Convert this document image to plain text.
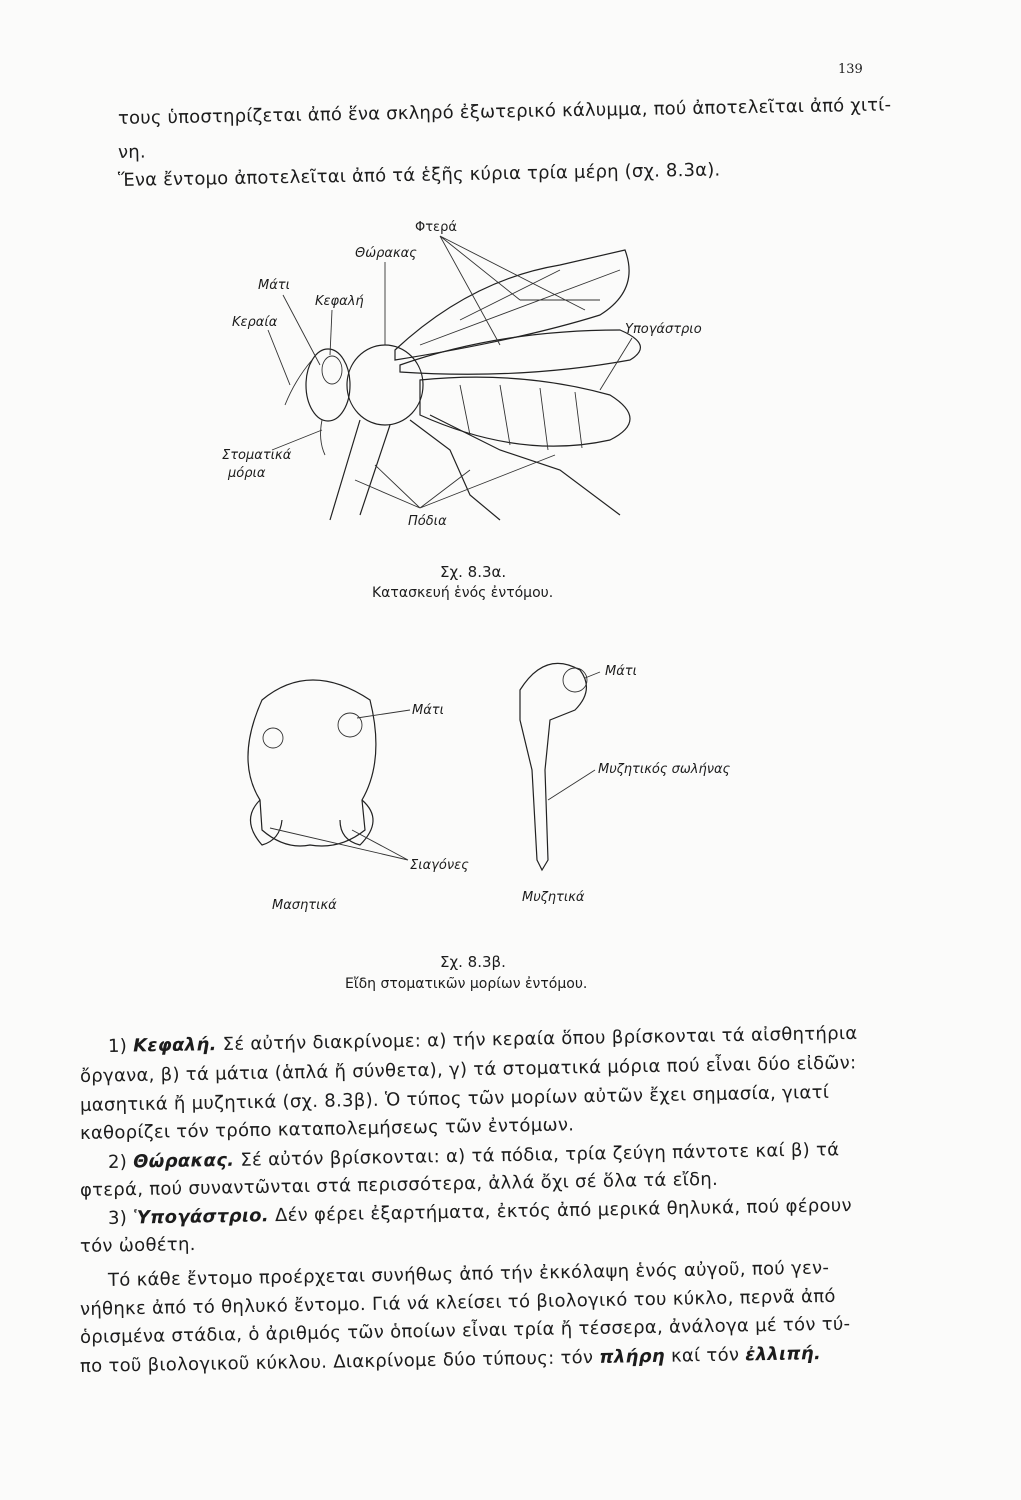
139
τους ὑποστηρίζεται ἀπό ἕνα σκληρό ἐξωτερικό κάλυμμα, πού ἀποτελεῖται ἀπό χιτί-
νη.
Ἕνα ἔντομο ἀποτελεῖται ἀπό τά ἑξῆς κύρια τρία μέρη (σχ. 8.3α).
Φτερά
Θώρακας
Μάτι
Κεφαλή
Κεραία	Υπογάστριο
Στοματικά
μόρια
Πόδια
Σχ. 8.3α.
Κατασκευή ἑνός ἐντόμου.
Μάτι
Μάτι
Μυζητικός σωλήνας
Σιαγόνες
Μασητικά
Μυζητικά
Σχ. 8.3β.
Εἴδη στοματικῶν μορίων ἐντόμου.
1) Κεφαλή. Σέ αὐτήν διακρίνομε: α) τήν κεραία ὅπου βρίσκονται τά αἰσθητήρια
ὄργανα, β) τά μάτια (ἁπλά ἤ σύνθετα), γ) τά στοματικά μόρια πού εἶναι δύο εἰδῶν:
μασητικά ἤ μυζητικά (σχ. 8.3β). Ὁ τύπος τῶν μορίων αὐτῶν ἔχει σημασία, γιατί
καθορίζει τόν τρόπο καταπολεμήσεως τῶν ἐντόμων.
2) Θώρακας. Σέ αὐτόν βρίσκονται: α) τά πόδια, τρία ζεύγη πάντοτε καί β) τά
φτερά, πού συναντῶνται στά περισσότερα, ἀλλά ὄχι σέ ὅλα τά εἴδη.
3) Ὑπογάστριο. Δέν φέρει ἐξαρτήματα, ἐκτός ἀπό μερικά θηλυκά, πού φέρουν
τόν ὠοθέτη.
Τό κάθε ἔντομο προέρχεται συνήθως ἀπό τήν ἐκκόλαψη ἑνός αὐγοῦ, πού γεν-
νήθηκε ἀπό τό θηλυκό ἔντομο. Γιά νά κλείσει τό βιολογικό του κύκλο, περνᾶ ἀπό
ὁρισμένα στάδια, ὁ ἀριθμός τῶν ὁποίων εἶναι τρία ἤ τέσσερα, ἀνάλογα μέ τόν τύ-
πο τοῦ βιολογικοῦ κύκλου. Διακρίνομε δύο τύπους: τόν πλήρη καί τόν ἐλλιπή.
